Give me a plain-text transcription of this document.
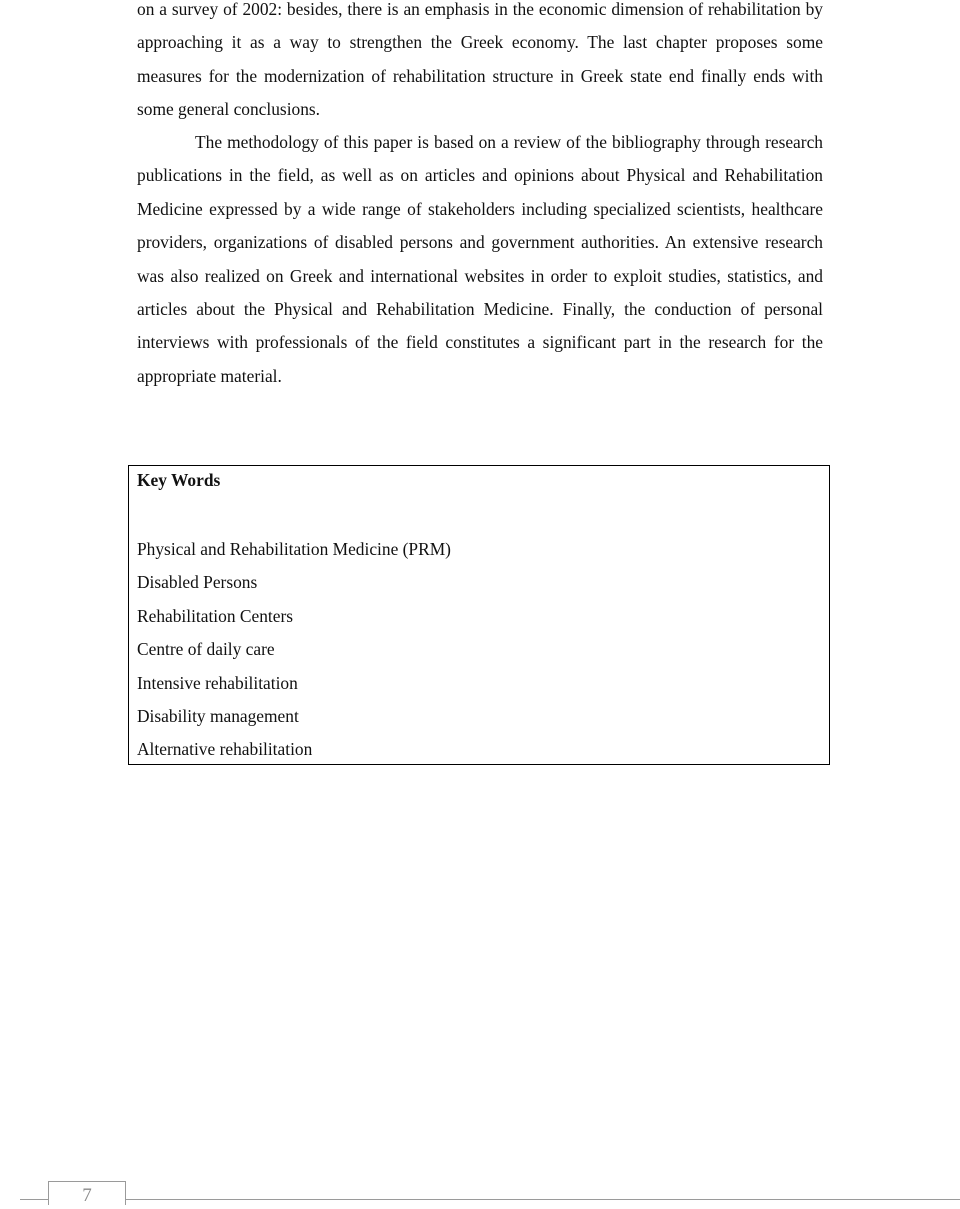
on a survey of 2002: besides, there is an emphasis in the economic dimension of rehabilitation by approaching it as a way to strengthen the Greek economy. The last chapter proposes some measures for the modernization of rehabilitation structure in Greek state end finally ends with some general conclusions.

The methodology of this paper is based on a review of the bibliography through research publications in the field, as well as on articles and opinions about Physical and Rehabilitation Medicine expressed by a wide range of stakeholders including specialized scientists, healthcare providers, organizations of disabled persons and government authorities. An extensive research was also realized on Greek and international websites in order to exploit studies, statistics, and articles about the Physical and Rehabilitation Medicine. Finally, the conduction of personal interviews with professionals of the field constitutes a significant part in the research for the appropriate material.

Key Words
Physical and Rehabilitation Medicine (PRM)
Disabled Persons
Rehabilitation Centers
Centre of daily care
Intensive rehabilitation
Disability management
Alternative rehabilitation
7
